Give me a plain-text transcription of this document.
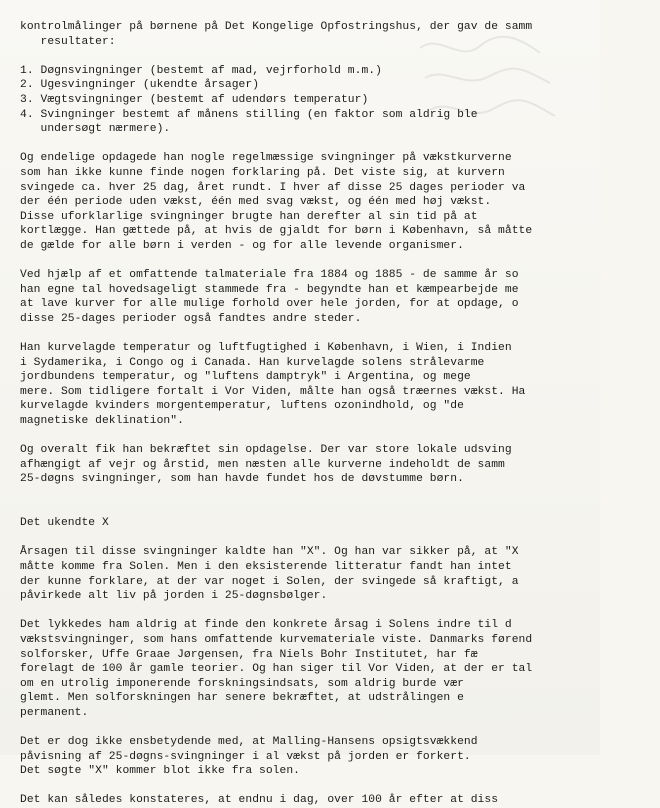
kontrolmålinger på børnene på Det Kongelige Opfostringshus, der gav de samm
resultater:
1. Døgnsvingninger (bestemt af mad, vejrforhold m.m.)
2. Ugesvingninger (ukendte årsager)
3. Vægtsvingninger (bestemt af udendørs temperatur)
4. Svingninger bestemt af månens stilling (en faktor som aldrig ble
undersøgt nærmere).
Og endelige opdagede han nogle regelmæssige svingninger på vækstkurverne
som han ikke kunne finde nogen forklaring på. Det viste sig, at kurvern
svingede ca. hver 25 dag, året rundt. I hver af disse 25 dages perioder va
der één periode uden vækst, één med svag vækst, og één med høj vækst.
Disse uforklarlige svingninger brugte han derefter al sin tid på at
kortlægge. Han gættede på, at hvis de gjaldt for børn i København, så måtte
de gælde for alle børn i verden - og for alle levende organismer.
Ved hjælp af et omfattende talmateriale fra 1884 og 1885 - de samme år so
han egne tal hovedsageligt stammede fra - begyndte han et kæmpearbejde me
at lave kurver for alle mulige forhold over hele jorden, for at opdage, o
disse 25-dages perioder også fandtes andre steder.
Han kurvelagde temperatur og luftfugtighed i København, i Wien, i Indien
i Sydamerika, i Congo og i Canada. Han kurvelagde solens strålevarme
jordbundens temperatur, og "luftens damptryk" i Argentina, og mege
mere. Som tidligere fortalt i Vor Viden, målte han også træernes vækst. Ha
kurvelagde kvinders morgentemperatur, luftens ozonindhold, og "de
magnetiske deklination".
Og overalt fik han bekræftet sin opdagelse. Der var store lokale udsving
afhængigt af vejr og årstid, men næsten alle kurverne indeholdt de samm
25-døgns svingninger, som han havde fundet hos de døvstumme børn.
Det ukendte X
Årsagen til disse svingninger kaldte han "X". Og han var sikker på, at "X
måtte komme fra Solen. Men i den eksisterende litteratur fandt han intet
der kunne forklare, at der var noget i Solen, der svingede så kraftigt, a
påvirkede alt liv på jorden i 25-døgnsbølger.
Det lykkedes ham aldrig at finde den konkrete årsag i Solens indre til d
vækstsvingninger, som hans omfattende kurvemateriale viste. Danmarks førend
solforsker, Uffe Graae Jørgensen, fra Niels Bohr Institutet, har fæ
forelagt de 100 år gamle teorier. Og han siger til Vor Viden, at der er tal
om en utrolig imponerende forskningsindsats, som aldrig burde vær
glemt. Men solforskningen har senere bekræftet, at udstrålingen e
permanent.
Det er dog ikke ensbetydende med, at Malling-Hansens opsigtsvækkend
påvisning af 25-døgns-svingninger i al vækst på jorden er forkert.
Det søgte "X" kommer blot ikke fra solen.
Det kan således konstateres, at endnu i dag, over 100 år efter at diss
